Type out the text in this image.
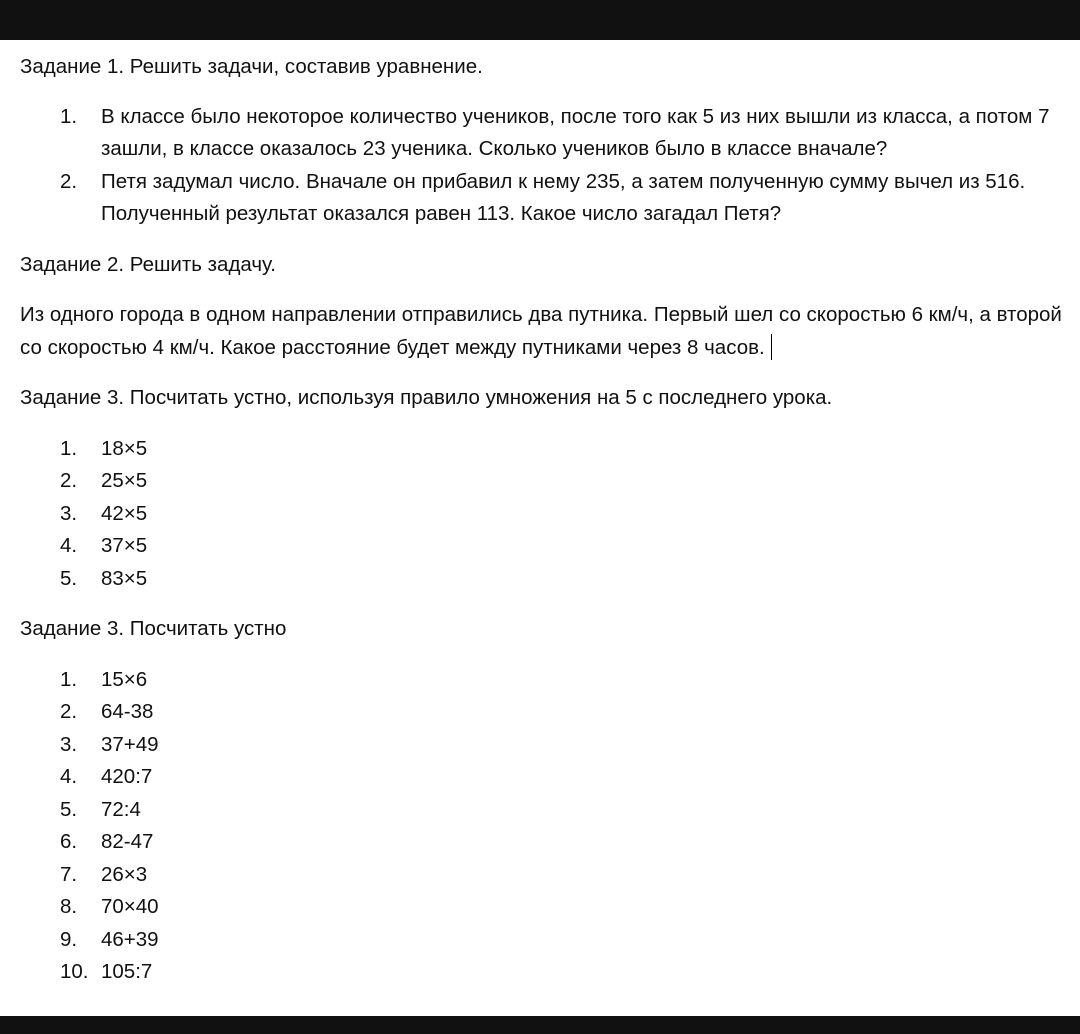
Задание 1. Решить задачи, составив уравнение.

1. В классе было некоторое количество учеников, после того как 5 из них вышли из класса, а потом 7 зашли, в классе оказалось 23 ученика. Сколько учеников было в классе вначале?
2. Петя задумал число. Вначале он прибавил к нему 235, а затем полученную сумму вычел из 516. Полученный результат оказался равен 113. Какое число загадал Петя?

Задание 2. Решить задачу.

Из одного города в одном направлении отправились два путника. Первый шел со скоростью 6 км/ч, а второй со скоростью 4 км/ч. Какое расстояние будет между путниками через 8 часов.

Задание 3. Посчитать устно, используя правило умножения на 5 с последнего урока.

1. 18×5
2. 25×5
3. 42×5
4. 37×5
5. 83×5

Задание 3. Посчитать устно

1. 15×6
2. 64-38
3. 37+49
4. 420:7
5. 72:4
6. 82-47
7. 26×3
8. 70×40
9. 46+39
10. 105:7
